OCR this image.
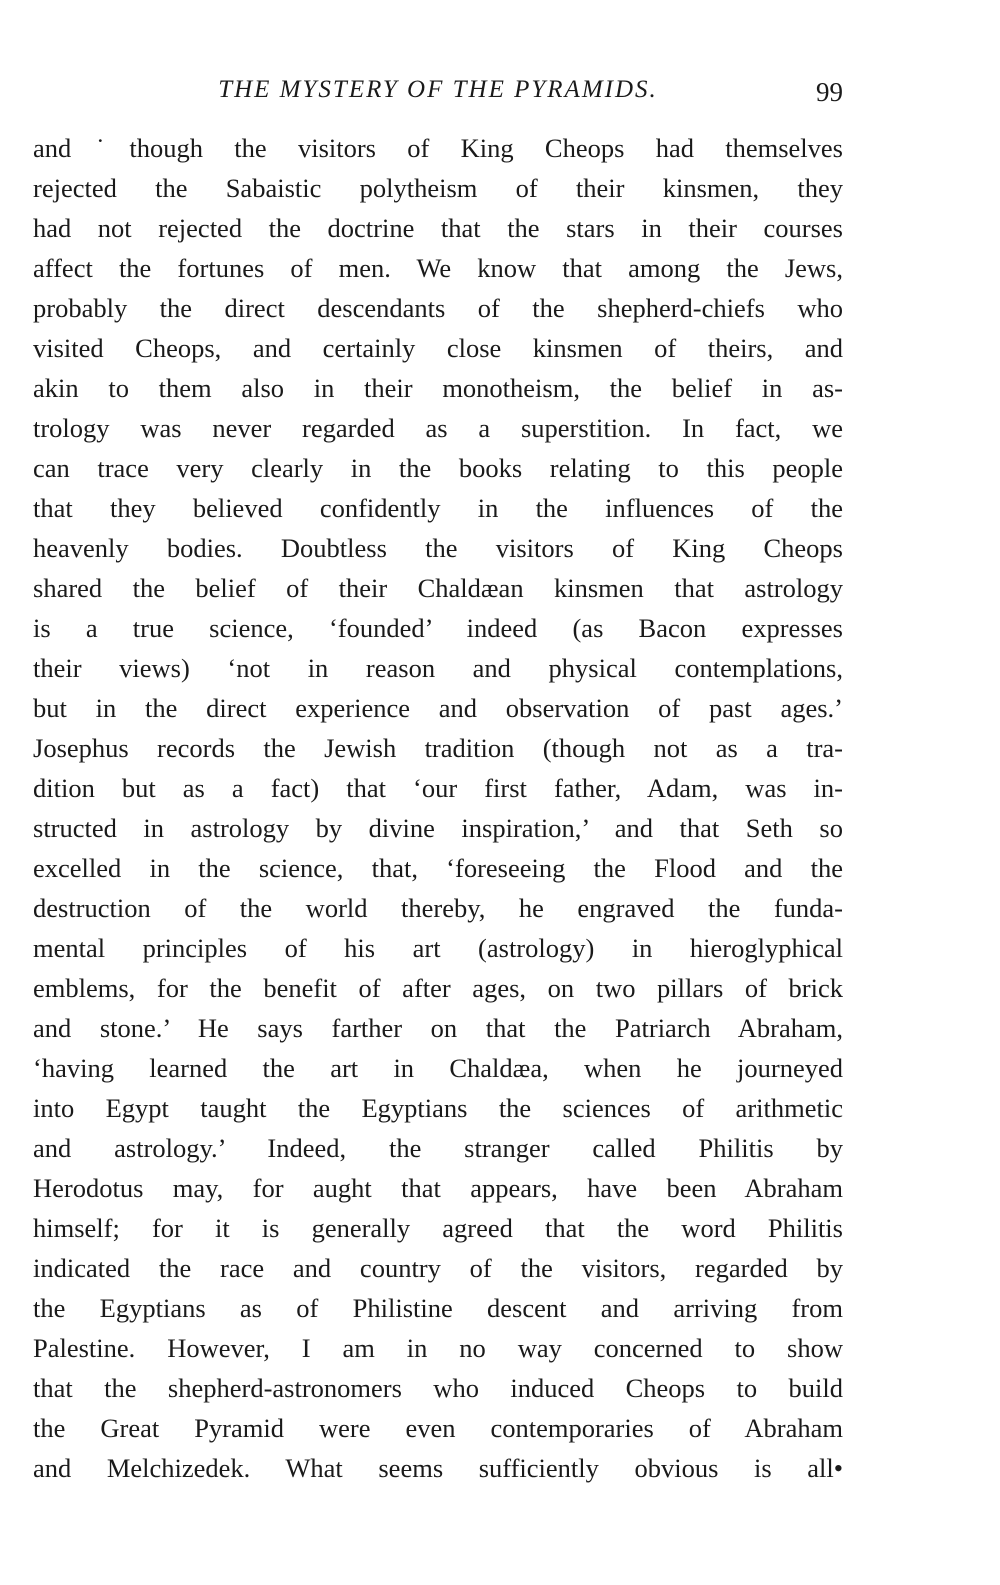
THE MYSTERY OF THE PYRAMIDS.	99
and˙though the visitors of King Cheops had themselves
rejected the Sabaistic polytheism of their kinsmen, they
had not rejected the doctrine that the stars in their courses
affect the fortunes of men. We know that among the Jews,
probably the direct descendants of the shepherd-chiefs who
visited Cheops, and certainly close kinsmen of theirs, and
akin to them also in their monotheism, the belief in as-
trology was never regarded as a superstition. In fact, we
can trace very clearly in the books relating to this people
that they believed confidently in the influences of the
heavenly bodies. Doubtless the visitors of King Cheops
shared the belief of their Chaldæan kinsmen that astrology
is a true science, ‘founded’ indeed (as Bacon expresses
their views) ‘not in reason and physical contemplations,
but in the direct experience and observation of past ages.’
Josephus records the Jewish tradition (though not as a tra-
dition but as a fact) that ‘our first father, Adam, was in-
structed in astrology by divine inspiration,’ and that Seth so
excelled in the science, that, ‘foreseeing the Flood and the
destruction of the world thereby, he engraved the funda-
mental principles of his art (astrology) in hieroglyphical
emblems, for the benefit of after ages, on two pillars of brick
and stone.’ He says farther on that the Patriarch Abraham,
‘having learned the art in Chaldæa, when he journeyed
into Egypt taught the Egyptians the sciences of arithmetic
and astrology.’ Indeed, the stranger called Philitis by
Herodotus may, for aught that appears, have been Abraham
himself; for it is generally agreed that the word Philitis
indicated the race and country of the visitors, regarded by
the Egyptians as of Philistine descent and arriving from
Palestine. However, I am in no way concerned to show
that the shepherd-astronomers who induced Cheops to build
the Great Pyramid were even contemporaries of Abraham
and Melchizedek. What seems sufficiently obvious is all•
